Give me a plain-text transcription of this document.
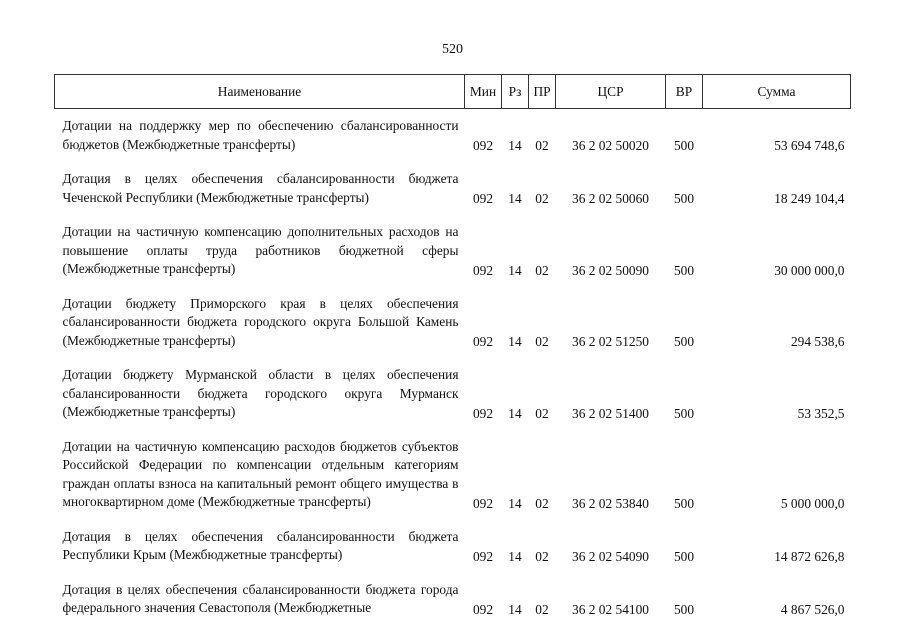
520
Наименование	Мин	Рз	ПР	ЦСР	ВР	Сумма
Дотации на поддержку мер по обеспечению сбалансированности бюджетов (Межбюджетные трансферты)	092	14	02	36 2 02 50020	500	53 694 748,6
Дотация в целях обеспечения сбалансированности бюджета Чеченской Республики (Межбюджетные трансферты)	092	14	02	36 2 02 50060	500	18 249 104,4
Дотации на частичную компенсацию дополнительных расходов на повышение оплаты труда работников бюджетной сферы (Межбюджетные трансферты)	092	14	02	36 2 02 50090	500	30 000 000,0
Дотации бюджету Приморского края в целях обеспечения сбалансированности бюджета городского округа Большой Камень (Межбюджетные трансферты)	092	14	02	36 2 02 51250	500	294 538,6
Дотации бюджету Мурманской области в целях обеспечения сбалансированности бюджета городского округа Мурманск (Межбюджетные трансферты)	092	14	02	36 2 02 51400	500	53 352,5
Дотации на частичную компенсацию расходов бюджетов субъектов Российской Федерации по компенсации отдельным категориям граждан оплаты взноса на капитальный ремонт общего имущества в многоквартирном доме (Межбюджетные трансферты)	092	14	02	36 2 02 53840	500	5 000 000,0
Дотация в целях обеспечения сбалансированности бюджета Республики Крым (Межбюджетные трансферты)	092	14	02	36 2 02 54090	500	14 872 626,8
Дотация в целях обеспечения сбалансированности бюджета города федерального значения Севастополя (Межбюджетные	092	14	02	36 2 02 54100	500	4 867 526,0
